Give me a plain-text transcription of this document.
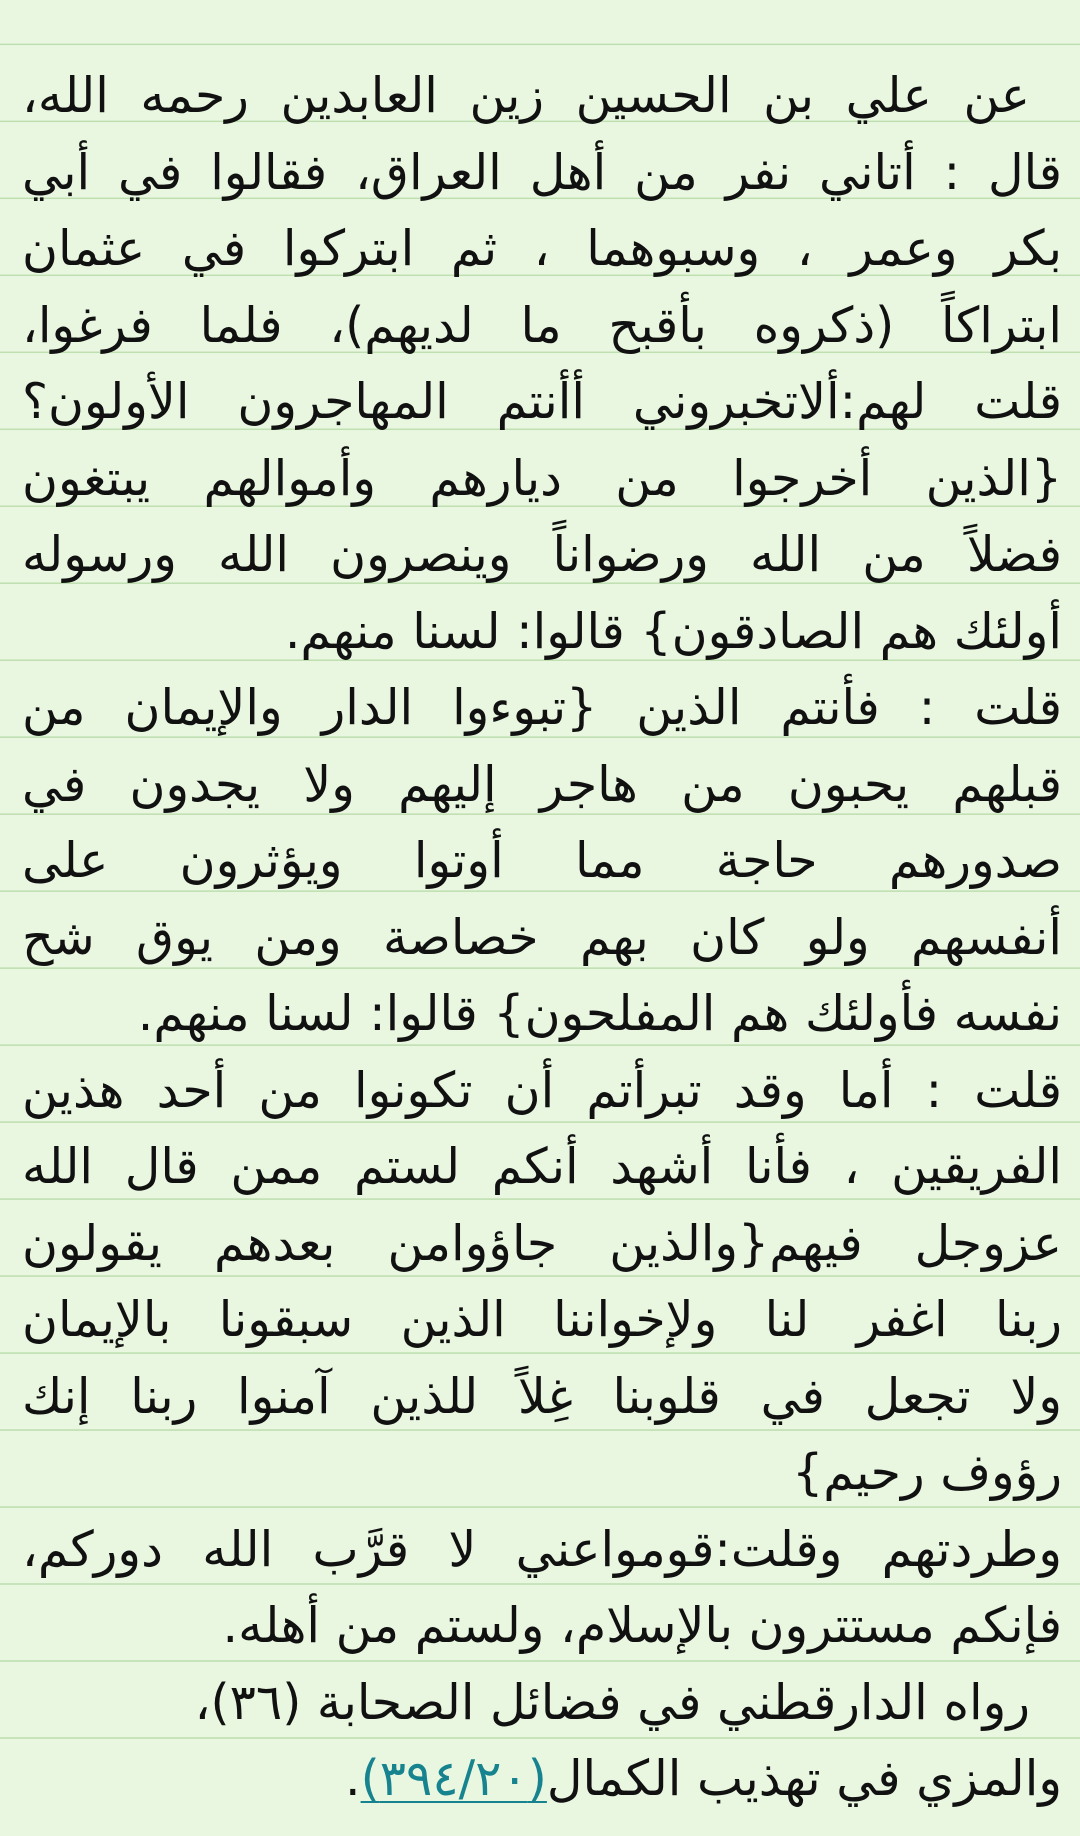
عن علي بن الحسين زين العابدين رحمه الله،
قال : أتاني نفر من أهل العراق، فقالوا في أبي
بكر وعمر ، وسبوهما ، ثم ابتركوا في عثمان
ابتراكاً (ذكروه بأقبح ما لديهم)، فلما فرغوا،
قلت لهم:ألاتخبروني أأنتم المهاجرون الأولون؟
{الذين أخرجوا من ديارهم وأموالهم يبتغون
فضلاً من الله ورضواناً وينصرون الله ورسوله
أولئك هم الصادقون} قالوا: لسنا منهم.
قلت : فأنتم الذين {تبوءوا الدار والإيمان من
قبلهم يحبون من هاجر إليهم ولا يجدون في
صدورهم حاجة مما أوتوا ويؤثرون على
أنفسهم ولو كان بهم خصاصة ومن يوق شح
نفسه فأولئك هم المفلحون} قالوا: لسنا منهم.
قلت : أما وقد تبرأتم أن تكونوا من أحد هذين
الفريقين ، فأنا أشهد أنكم لستم ممن قال الله
عزوجل فيهم{والذين جاؤوامن بعدهم يقولون
ربنا اغفر لنا ولإخواننا الذين سبقونا بالإيمان
ولا تجعل في قلوبنا غِلاً للذين آمنوا ربنا إنك
رؤوف رحيم}
وطردتهم وقلت:قومواعني لا قرَّب الله دوركم،
فإنكم مستترون بالإسلام، ولستم من أهله.
رواه الدارقطني في فضائل الصحابة (٣٦)،
والمزي في تهذيب الكمال(٣٩٤/٢٠).
